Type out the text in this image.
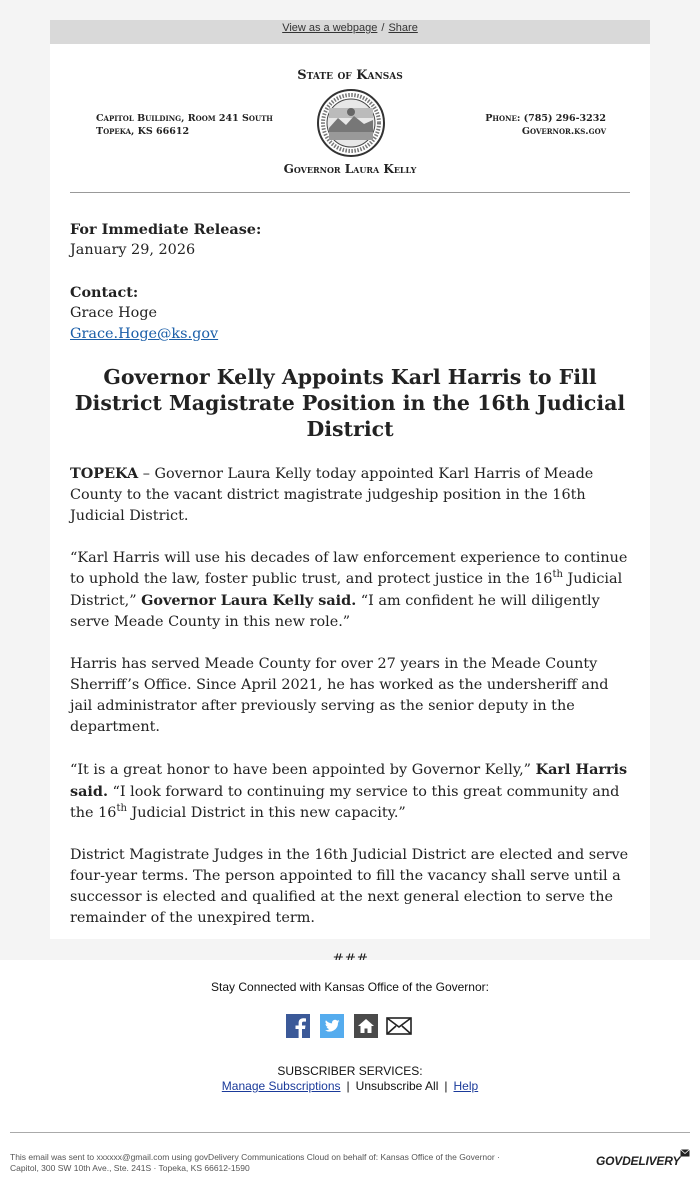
View as a webpage / Share
State of Kansas
Capitol Building, Room 241 South
Topeka, KS 66612
Phone: (785) 296-3232
Governor.ks.gov
Governor Laura Kelly

For Immediate Release:

January 29, 2026

Contact:

Grace Hoge

Grace.Hoge@ks.gov

Governor Kelly Appoints Karl Harris to Fill District Magistrate Position in the 16th Judicial District

TOPEKA – Governor Laura Kelly today appointed Karl Harris of Meade County to the vacant district magistrate judgeship position in the 16th Judicial District.

“Karl Harris will use his decades of law enforcement experience to continue to uphold the law, foster public trust, and protect justice in the 16th Judicial District,” Governor Laura Kelly said. “I am confident he will diligently serve Meade County in this new role.”

Harris has served Meade County for over 27 years in the Meade County Sherriff’s Office. Since April 2021, he has worked as the undersheriff and jail administrator after previously serving as the senior deputy in the department.

“It is a great honor to have been appointed by Governor Kelly,” Karl Harris said. “I look forward to continuing my service to this great community and the 16th Judicial District in this new capacity.”

District Magistrate Judges in the 16th Judicial District are elected and serve four-year terms. The person appointed to fill the vacancy shall serve until a successor is elected and qualified at the next general election to serve the remainder of the unexpired term.

Stay Connected with Kansas Office of the Governor:
SUBSCRIBER SERVICES:
Manage Subscriptions | Unsubscribe All | Help
This email was sent to xxxxxx@gmail.com using govDelivery Communications Cloud on behalf of: Kansas Office of the Governor ·
Capitol, 300 SW 10th Ave., Ste. 241S · Topeka, KS 66612-1590	GOVDELIVERY
